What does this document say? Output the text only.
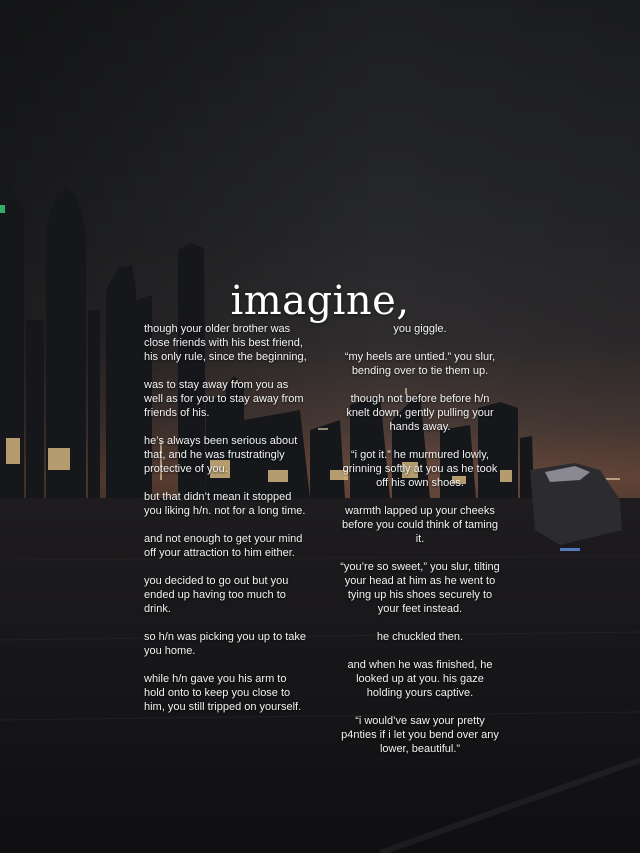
imagine,

though your older brother was close friends with his best friend, his only rule, since the beginning,

was to stay away from you as well as for you to stay away from friends of his.

he’s always been serious about that, and he was frustratingly protective of you.

but that didn’t mean it stopped you liking h/n. not for a long time.

and not enough to get your mind off your attraction to him either.

you decided to go out but you ended up having too much to drink.

so h/n was picking you up to take you home.

while h/n gave you his arm to hold onto to keep you close to him, you still tripped on yourself.

you giggle.

“my heels are untied.” you slur, bending over to tie them up.

though not before before h/n knelt down, gently pulling your hands away.

“i got it.” he murmured lowly, grinning softly at you as he took off his own shoes.

warmth lapped up your cheeks before you could think of taming it.

“you’re so sweet,” you slur, tilting your head at him as he went to tying up his shoes securely to your feet instead.

he chuckled then.

and when he was finished, he looked up at you. his gaze holding yours captive.

“i would’ve saw your pretty p4nties if i let you bend over any lower, beautiful.”
